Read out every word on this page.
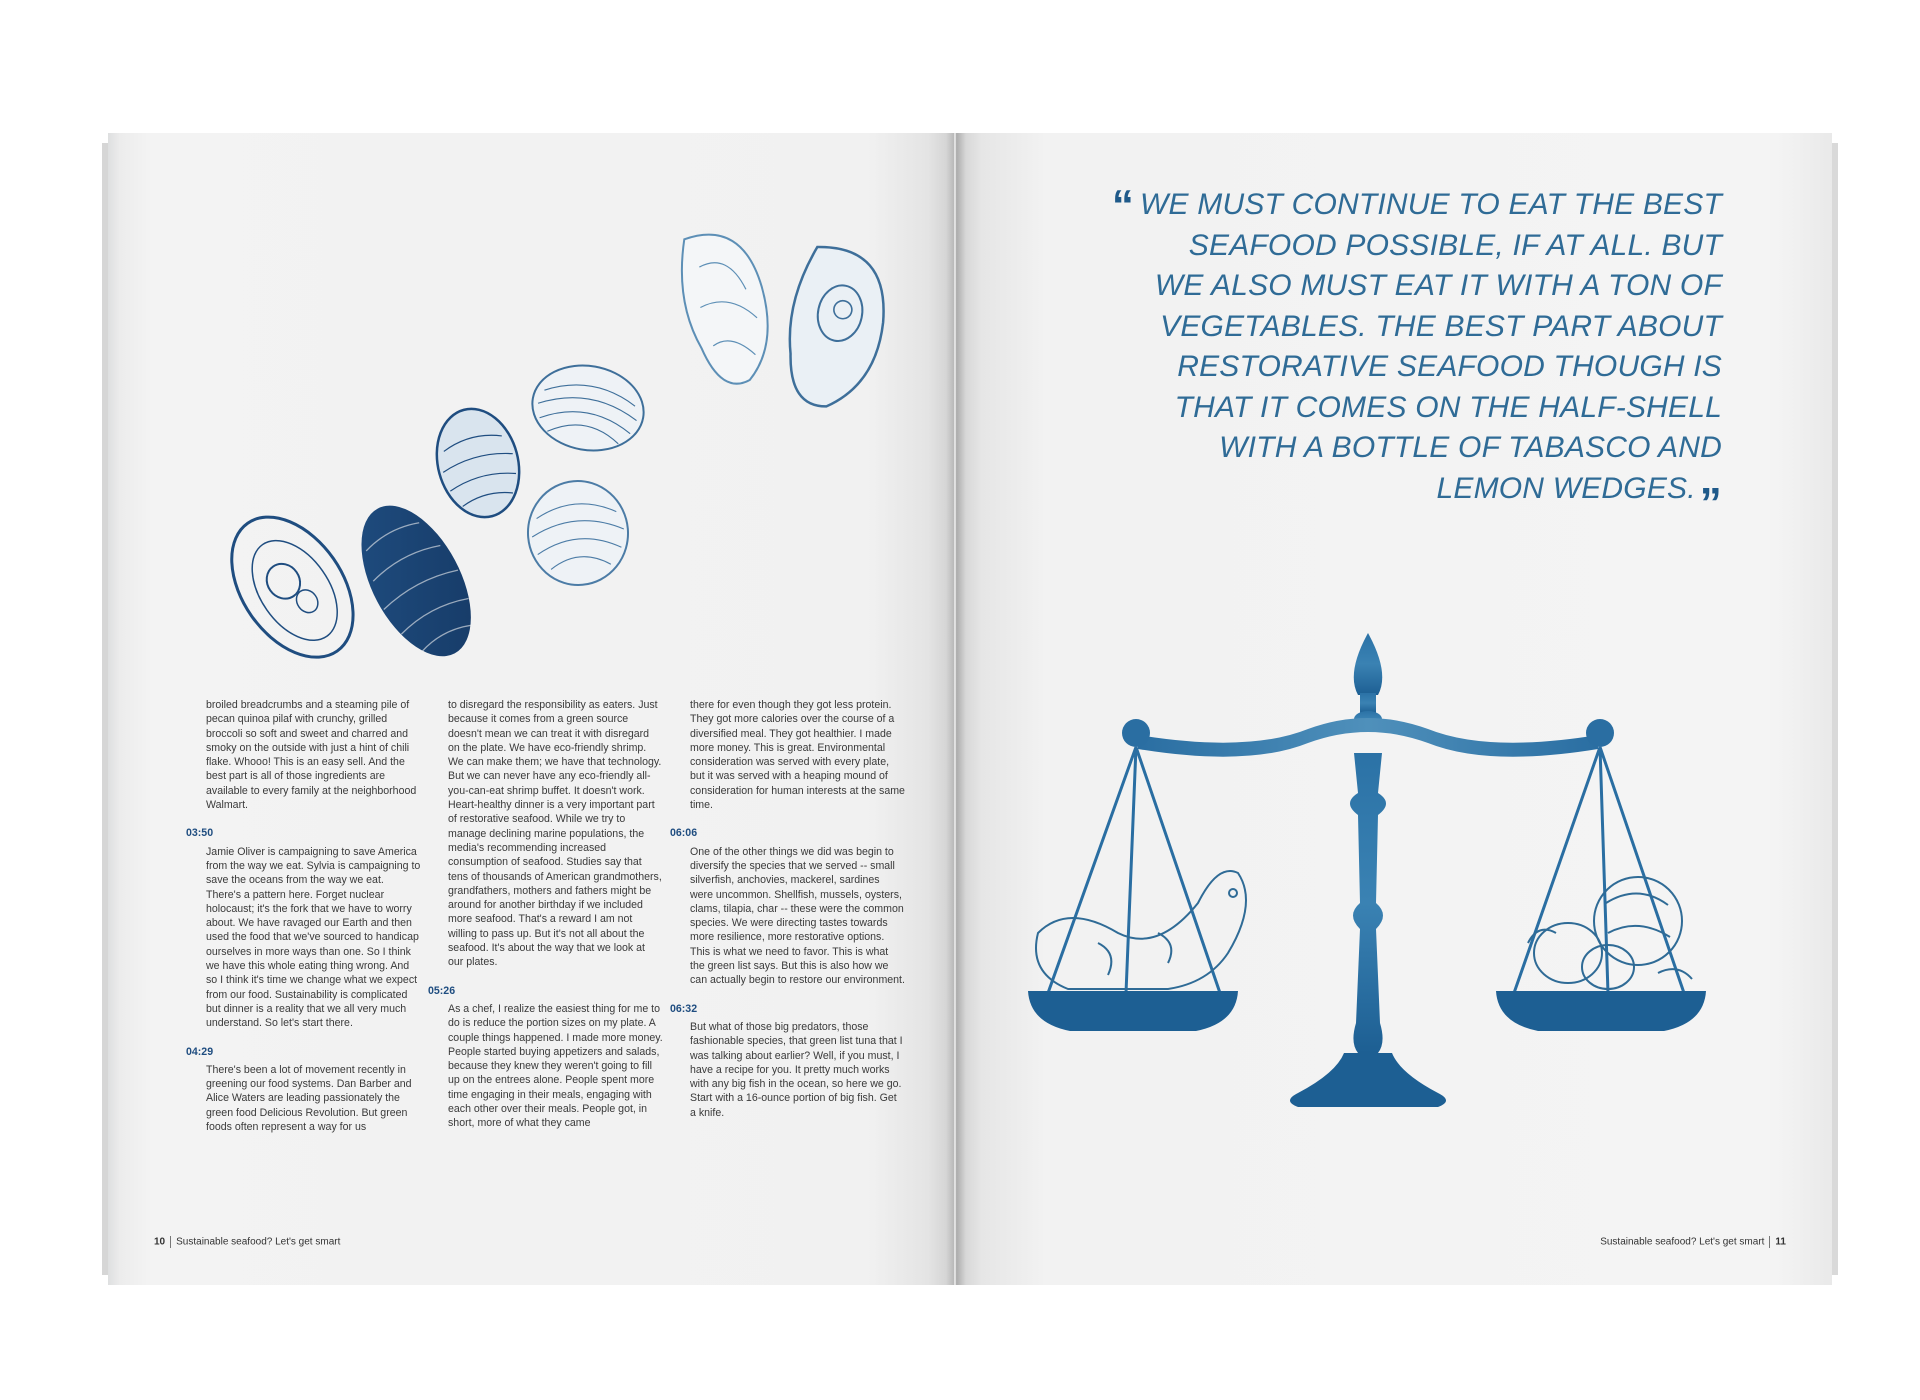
broiled breadcrumbs and a steaming pile of pecan quinoa pilaf with crunchy, grilled broccoli so soft and sweet and charred and smoky on the outside with just a hint of chili flake. Whooo! This is an easy sell. And the best part is all of those ingredients are available to every family at the neighborhood Walmart.

03:50

Jamie Oliver is campaigning to save America from the way we eat. Sylvia is campaigning to save the oceans from the way we eat. There's a pattern here. Forget nuclear holocaust; it's the fork that we have to worry about. We have ravaged our Earth and then used the food that we've sourced to handicap ourselves in more ways than one. So I think we have this whole eating thing wrong. And so I think it's time we change what we expect from our food. Sustainability is complicated but dinner is a reality that we all very much understand. So let's start there.

04:29

There's been a lot of movement recently in greening our food systems. Dan Barber and Alice Waters are leading passionately the green food Delicious Revolution. But green foods often represent a way for us

to disregard the responsibility as eaters. Just because it comes from a green source doesn't mean we can treat it with disregard on the plate. We have eco-friendly shrimp. We can make them; we have that technology. But we can never have any eco-friendly all-you-can-eat shrimp buffet. It doesn't work. Heart-healthy dinner is a very important part of restorative seafood. While we try to manage declining marine populations, the media's recommending increased consumption of seafood. Studies say that tens of thousands of American grandmothers, grandfathers, mothers and fathers might be around for another birthday if we included more seafood. That's a reward I am not willing to pass up. But it's not all about the seafood. It's about the way that we look at our plates.

05:26

As a chef, I realize the easiest thing for me to do is reduce the portion sizes on my plate. A couple things happened. I made more money. People started buying appetizers and salads, because they knew they weren't going to fill up on the entrees alone. People spent more time engaging in their meals, engaging with each other over their meals. People got, in short, more of what they came

there for even though they got less protein. They got more calories over the course of a diversified meal. They got healthier. I made more money. This is great. Environmental consideration was served with every plate, but it was served with a heaping mound of consideration for human interests at the same time.

06:06

One of the other things we did was begin to diversify the species that we served -- small silverfish, anchovies, mackerel, sardines were uncommon. Shellfish, mussels, oysters, clams, tilapia, char -- these were the common species. We were directing tastes towards more resilience, more restorative options. This is what we need to favor. This is what the green list says. But this is also how we can actually begin to restore our environment.

06:32

But what of those big predators, those fashionable species, that green list tuna that I was talking about earlier? Well, if you must, I have a recipe for you. It pretty much works with any big fish in the ocean, so here we go. Start with a 16-ounce portion of big fish. Get a knife.

10 Sustainable seafood? Let's get smart
“ WE MUST CONTINUE TO EAT THE BEST
SEAFOOD POSSIBLE, IF AT ALL. BUT
WE ALSO MUST EAT IT WITH A TON OF
VEGETABLES. THE BEST PART ABOUT
RESTORATIVE SEAFOOD THOUGH IS
THAT IT COMES ON THE HALF-SHELL
WITH A BOTTLE OF TABASCO AND
LEMON WEDGES.”
Sustainable seafood? Let's get smart 11
